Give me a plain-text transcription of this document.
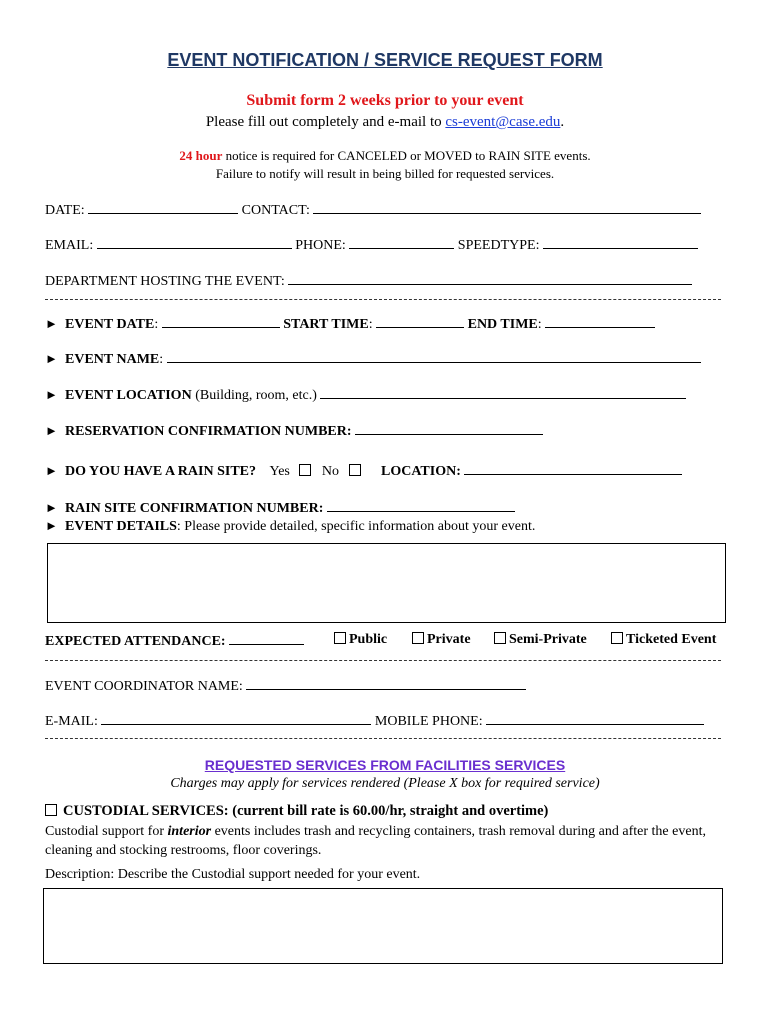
EVENT NOTIFICATION / SERVICE REQUEST FORM
Submit form 2 weeks prior to your event
Please fill out completely and e-mail to cs-event@case.edu.
24 hour notice is required for CANCELED or MOVED to RAIN SITE events.
Failure to notify will result in being billed for requested services.
DATE:	CONTACT:
EMAIL:	PHONE:	SPEEDTYPE:
DEPARTMENT HOSTING THE EVENT:
► EVENT DATE:	START TIME:	END TIME:
► EVENT NAME:
► EVENT LOCATION (Building, room, etc.)
► RESERVATION CONFIRMATION NUMBER:
► DO YOU HAVE A RAIN SITE? Yes No	LOCATION:
► RAIN SITE CONFIRMATION NUMBER:
► EVENT DETAILS: Please provide detailed, specific information about your event.
EXPECTED ATTENDANCE:	Public	Private	Semi-Private	Ticketed Event
EVENT COORDINATOR NAME:
E-MAIL:	MOBILE PHONE:
REQUESTED SERVICES FROM FACILITIES SERVICES
Charges may apply for services rendered (Please X box for required service)
CUSTODIAL SERVICES: (current bill rate is 60.00/hr, straight and overtime)
Custodial support for interior events includes trash and recycling containers, trash removal during and after the event, cleaning and stocking restrooms, floor coverings.
Description: Describe the Custodial support needed for your event.
